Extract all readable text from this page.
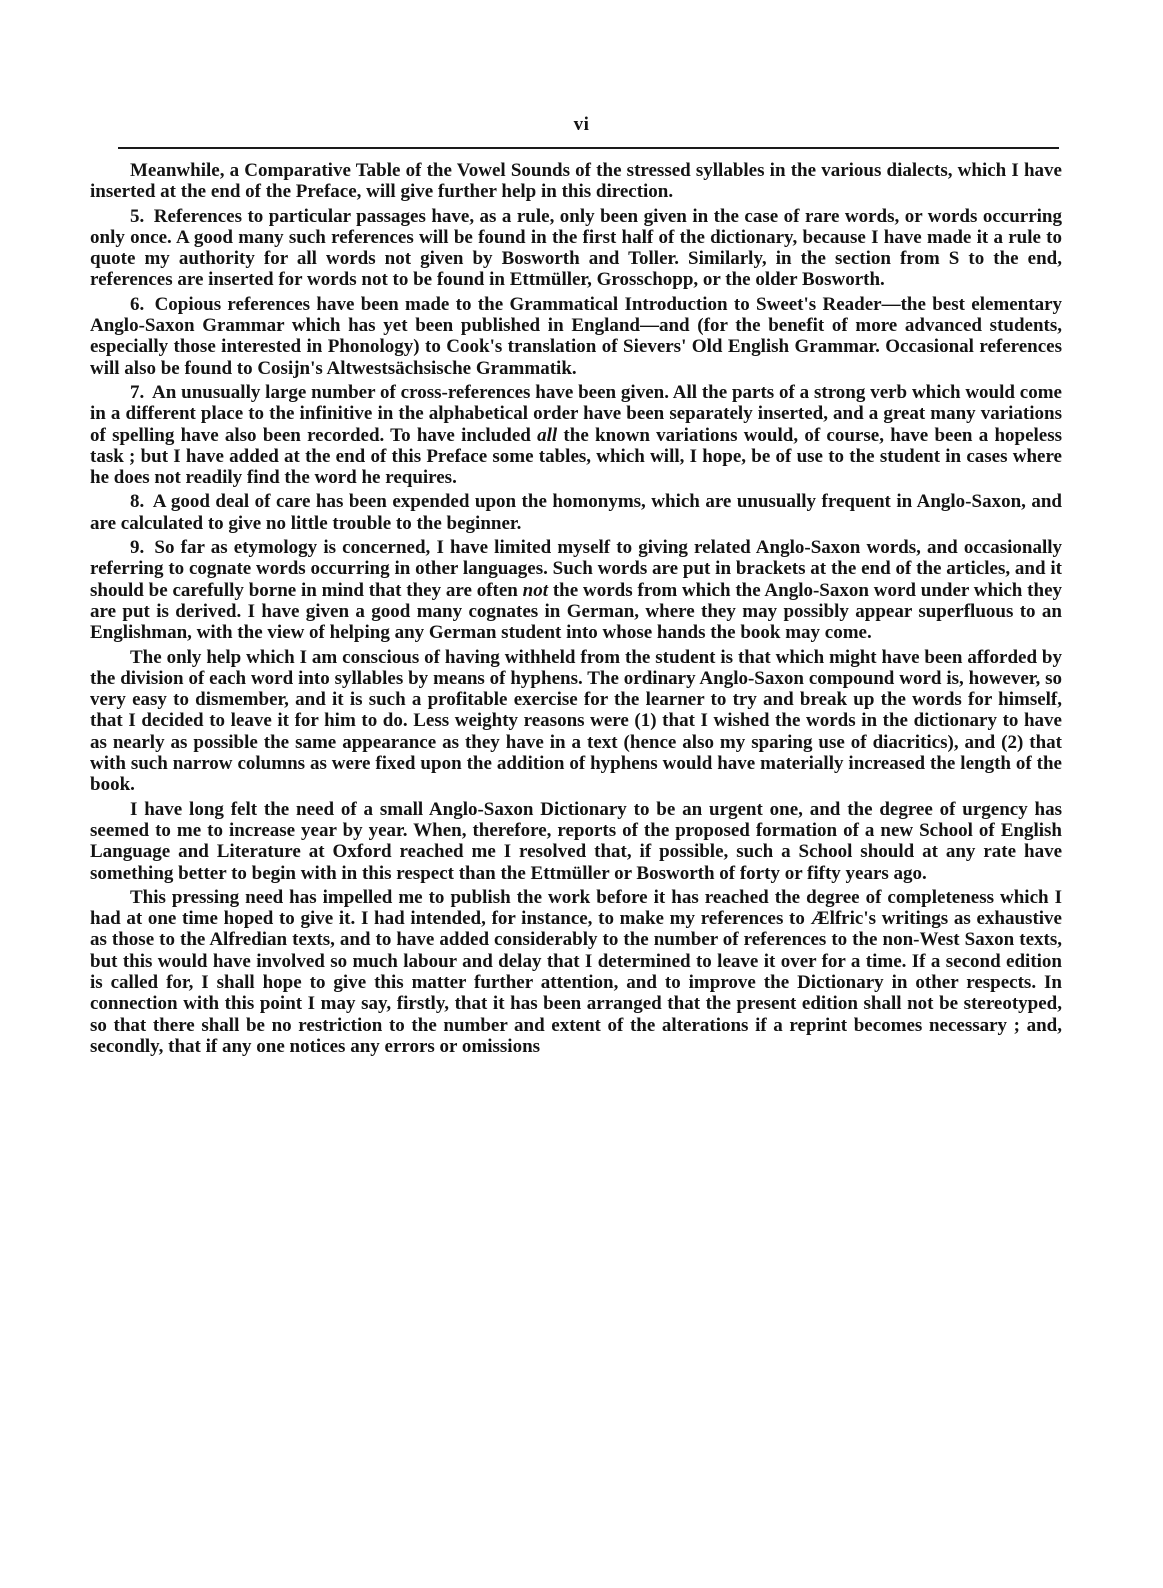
vi

Meanwhile, a Comparative Table of the Vowel Sounds of the stressed syllables in the various dialects, which I have inserted at the end of the Preface, will give further help in this direction.

5. References to particular passages have, as a rule, only been given in the case of rare words, or words occurring only once. A good many such references will be found in the first half of the dictionary, because I have made it a rule to quote my authority for all words not given by Bosworth and Toller. Similarly, in the section from S to the end, references are inserted for words not to be found in Ettmüller, Grosschopp, or the older Bosworth.

6. Copious references have been made to the Grammatical Introduction to Sweet's Reader—the best elementary Anglo-Saxon Grammar which has yet been published in England—and (for the benefit of more advanced students, especially those interested in Phonology) to Cook's translation of Sievers' Old English Grammar. Occasional references will also be found to Cosijn's Altwestsächsische Grammatik.

7. An unusually large number of cross-references have been given. All the parts of a strong verb which would come in a different place to the infinitive in the alphabetical order have been separately inserted, and a great many variations of spelling have also been recorded. To have included all the known variations would, of course, have been a hopeless task ; but I have added at the end of this Preface some tables, which will, I hope, be of use to the student in cases where he does not readily find the word he requires.

8. A good deal of care has been expended upon the homonyms, which are unusually frequent in Anglo-Saxon, and are calculated to give no little trouble to the beginner.

9. So far as etymology is concerned, I have limited myself to giving related Anglo-Saxon words, and occasionally referring to cognate words occurring in other languages. Such words are put in brackets at the end of the articles, and it should be carefully borne in mind that they are often not the words from which the Anglo-Saxon word under which they are put is derived. I have given a good many cognates in German, where they may possibly appear superfluous to an Englishman, with the view of helping any German student into whose hands the book may come.

The only help which I am conscious of having withheld from the student is that which might have been afforded by the division of each word into syllables by means of hyphens. The ordinary Anglo-Saxon compound word is, however, so very easy to dismember, and it is such a profitable exercise for the learner to try and break up the words for himself, that I decided to leave it for him to do. Less weighty reasons were (1) that I wished the words in the dictionary to have as nearly as possible the same appearance as they have in a text (hence also my sparing use of diacritics), and (2) that with such narrow columns as were fixed upon the addition of hyphens would have materially increased the length of the book.

I have long felt the need of a small Anglo-Saxon Dictionary to be an urgent one, and the degree of urgency has seemed to me to increase year by year. When, therefore, reports of the proposed formation of a new School of English Language and Literature at Oxford reached me I resolved that, if possible, such a School should at any rate have something better to begin with in this respect than the Ettmüller or Bosworth of forty or fifty years ago.

This pressing need has impelled me to publish the work before it has reached the degree of completeness which I had at one time hoped to give it. I had intended, for instance, to make my references to Ælfric's writings as exhaustive as those to the Alfredian texts, and to have added considerably to the number of references to the non-West Saxon texts, but this would have involved so much labour and delay that I determined to leave it over for a time. If a second edition is called for, I shall hope to give this matter further attention, and to improve the Dictionary in other respects. In connection with this point I may say, firstly, that it has been arranged that the present edition shall not be stereotyped, so that there shall be no restriction to the number and extent of the alterations if a reprint becomes necessary ; and, secondly, that if any one notices any errors or omissions
